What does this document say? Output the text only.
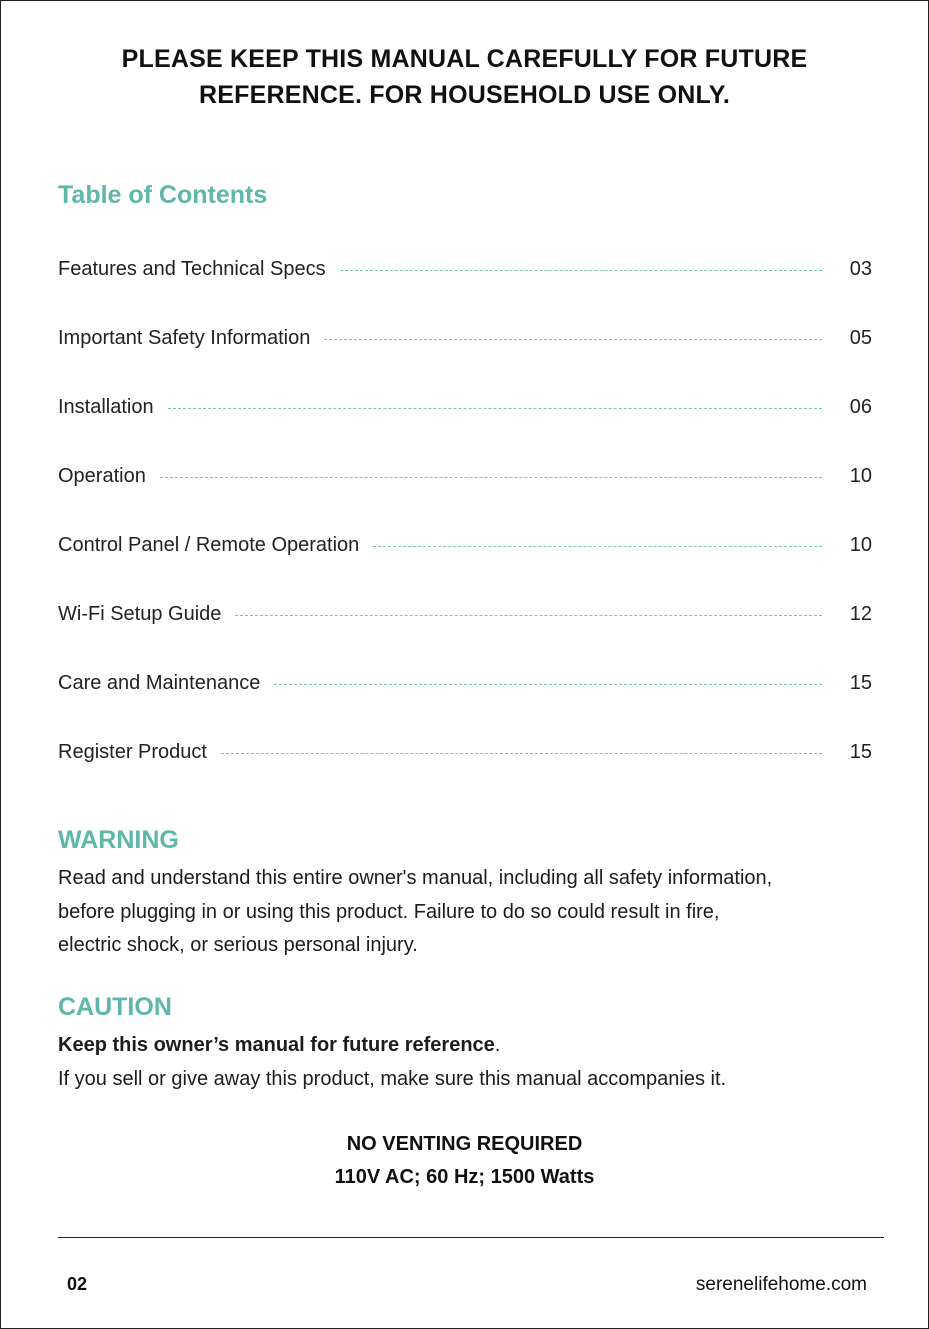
PLEASE KEEP THIS MANUAL CAREFULLY FOR FUTURE
REFERENCE. FOR HOUSEHOLD USE ONLY.
Table of Contents
Features and Technical Specs	03
Important Safety Information	05
Installation	06
Operation	10
Control Panel / Remote Operation	10
Wi-Fi Setup Guide	12
Care and Maintenance	15
Register Product	15
WARNING
Read and understand this entire owner's manual, including all safety information,
before plugging in or using this product. Failure to do so could result in fire,
electric shock, or serious personal injury.
CAUTION
Keep this owner’s manual for future reference.
If you sell or give away this product, make sure this manual accompanies it.
NO VENTING REQUIRED
110V AC; 60 Hz; 1500 Watts
02	serenelifehome.com
